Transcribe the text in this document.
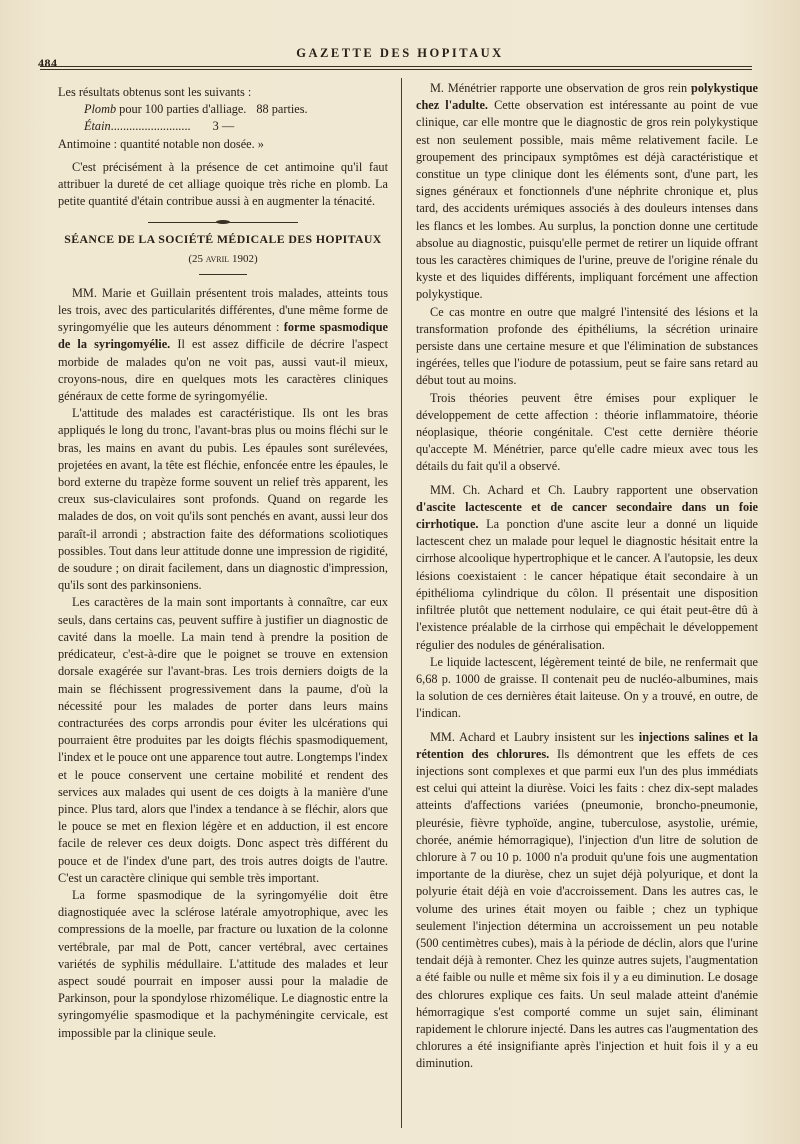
484
GAZETTE DES HOPITAUX

Les résultats obtenus sont les suivants :

Plomb pour 100 parties d'alliage. 88 parties.

Étain.......................... 3 —

Antimoine : quantité notable non dosée. »

C'est précisément à la présence de cet antimoine qu'il faut attribuer la dureté de cet alliage quoique très riche en plomb. La petite quantité d'étain contribue aussi à en augmenter la ténacité.

SÉANCE DE LA SOCIÉTÉ MÉDICALE DES HOPITAUX

(25 avril 1902)

MM. Marie et Guillain présentent trois malades, atteints tous les trois, avec des particularités différentes, d'une même forme de syringomyélie que les auteurs dénomment : forme spasmodique de la syringomyélie. Il est assez difficile de décrire l'aspect morbide de malades qu'on ne voit pas, aussi vaut-il mieux, croyons-nous, dire en quelques mots les caractères cliniques généraux de cette forme de syringomyélie.

L'attitude des malades est caractéristique. Ils ont les bras appliqués le long du tronc, l'avant-bras plus ou moins fléchi sur le bras, les mains en avant du pubis. Les épaules sont surélevées, projetées en avant, la tête est fléchie, enfoncée entre les épaules, le bord externe du trapèze forme souvent un relief très apparent, les creux sus-claviculaires sont profonds. Quand on regarde les malades de dos, on voit qu'ils sont penchés en avant, aussi leur dos paraît-il arrondi ; abstraction faite des déformations scoliotiques possibles. Tout dans leur attitude donne une impression de rigidité, de soudure ; on dirait facilement, dans un diagnostic d'impression, qu'ils sont des parkinsoniens.

Les caractères de la main sont importants à connaître, car eux seuls, dans certains cas, peuvent suffire à justifier un diagnostic de cavité dans la moelle. La main tend à prendre la position de prédicateur, c'est-à-dire que le poignet se trouve en extension dorsale exagérée sur l'avant-bras. Les trois derniers doigts de la main se fléchissent progressivement dans la paume, d'où la nécessité pour les malades de porter dans leurs mains contracturées des corps arrondis pour éviter les ulcérations qui pourraient être produites par les doigts fléchis spasmodiquement, l'index et le pouce ont une apparence tout autre. Longtemps l'index et le pouce conservent une certaine mobilité et rendent des services aux malades qui usent de ces doigts à la manière d'une pince. Plus tard, alors que l'index a tendance à se fléchir, alors que le pouce se met en flexion légère et en adduction, il est encore facile de relever ces deux doigts. Donc aspect très différent du pouce et de l'index d'une part, des trois autres doigts de l'autre. C'est un caractère clinique qui semble très important.

La forme spasmodique de la syringomyélie doit être diagnostiquée avec la sclérose latérale amyotrophique, avec les compressions de la moelle, par fracture ou luxation de la colonne vertébrale, par mal de Pott, cancer vertébral, avec certaines variétés de syphilis médullaire. L'attitude des malades et leur aspect soudé pourrait en imposer aussi pour la maladie de Parkinson, pour la spondylose rhizomélique. Le diagnostic entre la syringomyélie spasmodique et la pachyméningite cervicale, est impossible par la clinique seule.

M. Ménétrier rapporte une observation de gros rein polykystique chez l'adulte. Cette observation est intéressante au point de vue clinique, car elle montre que le diagnostic de gros rein polykystique est non seulement possible, mais même relativement facile. Le groupement des principaux symptômes est déjà caractéristique et constitue un type clinique dont les éléments sont, d'une part, les signes généraux et fonctionnels d'une néphrite chronique et, plus tard, des accidents urémiques associés à des douleurs intenses dans les flancs et les lombes. Au surplus, la ponction donne une certitude absolue au diagnostic, puisqu'elle permet de retirer un liquide offrant tous les caractères chimiques de l'urine, preuve de l'origine rénale du kyste et des liquides différents, impliquant forcément une affection polykystique.

Ce cas montre en outre que malgré l'intensité des lésions et la transformation profonde des épithéliums, la sécrétion urinaire persiste dans une certaine mesure et que l'élimination de substances ingérées, telles que l'iodure de potassium, peut se faire sans retard au début tout au moins.

Trois théories peuvent être émises pour expliquer le développement de cette affection : théorie inflammatoire, théorie néoplasique, théorie congénitale. C'est cette dernière théorie qu'accepte M. Ménétrier, parce qu'elle cadre mieux avec tous les détails du fait qu'il a observé.

MM. Ch. Achard et Ch. Laubry rapportent une observation d'ascite lactescente et de cancer secondaire dans un foie cirrhotique. La ponction d'une ascite leur a donné un liquide lactescent chez un malade pour lequel le diagnostic hésitait entre la cirrhose alcoolique hypertrophique et le cancer. A l'autopsie, les deux lésions coexistaient : le cancer hépatique était secondaire à un épithélioma cylindrique du côlon. Il présentait une disposition infiltrée plutôt que nettement nodulaire, ce qui était peut-être dû à l'existence préalable de la cirrhose qui empêchait le développement régulier des nodules de généralisation.

Le liquide lactescent, légèrement teinté de bile, ne renfermait que 6,68 p. 1000 de graisse. Il contenait peu de nucléo-albumines, mais la solution de ces dernières était laiteuse. On y a trouvé, en outre, de l'indican.

MM. Achard et Laubry insistent sur les injections salines et la rétention des chlorures. Ils démontrent que les effets de ces injections sont complexes et que parmi eux l'un des plus immédiats est celui qui atteint la diurèse. Voici les faits : chez dix-sept malades atteints d'affections variées (pneumonie, broncho-pneumonie, pleurésie, fièvre typhoïde, angine, tuberculose, asystolie, urémie, chorée, anémie hémorragique), l'injection d'un litre de solution de chlorure à 7 ou 10 p. 1000 n'a produit qu'une fois une augmentation importante de la diurèse, chez un sujet déjà polyurique, et dont la polyurie était déjà en voie d'accroissement. Dans les autres cas, le volume des urines était moyen ou faible ; chez un typhique seulement l'injection détermina un accroissement un peu notable (500 centimètres cubes), mais à la période de déclin, alors que l'urine tendait déjà à remonter. Chez les quinze autres sujets, l'augmentation a été faible ou nulle et même six fois il y a eu diminution. Le dosage des chlorures explique ces faits. Un seul malade atteint d'anémie hémorragique s'est comporté comme un sujet sain, éliminant rapidement le chlorure injecté. Dans les autres cas l'augmentation des chlorures a été insignifiante après l'injection et huit fois il y a eu diminution.
